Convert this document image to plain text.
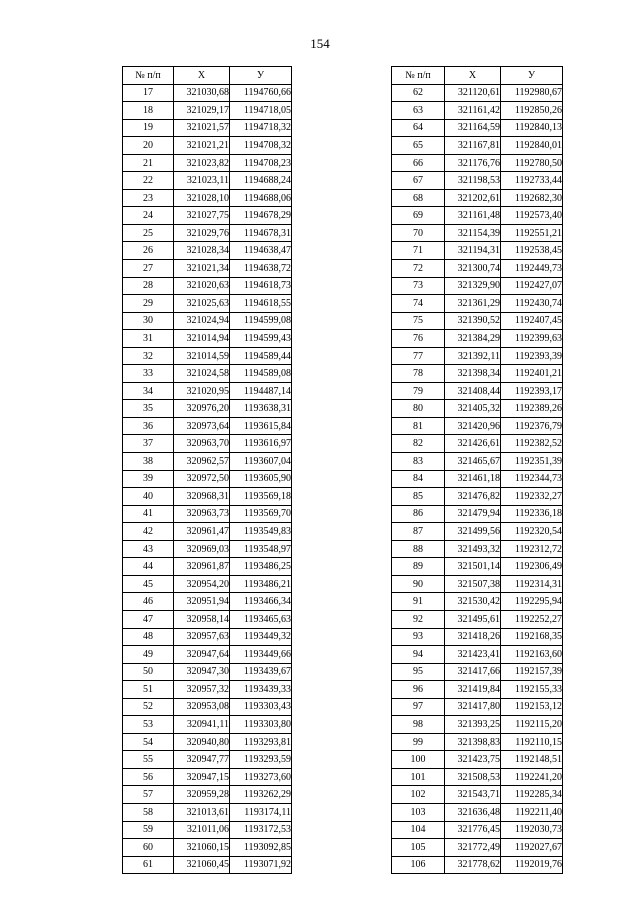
154
№ п/п	X	У
17	321030,68	1194760,66
18	321029,17	1194718,05
19	321021,57	1194718,32
20	321021,21	1194708,32
21	321023,82	1194708,23
22	321023,11	1194688,24
23	321028,10	1194688,06
24	321027,75	1194678,29
25	321029,76	1194678,31
26	321028,34	1194638,47
27	321021,34	1194638,72
28	321020,63	1194618,73
29	321025,63	1194618,55
30	321024,94	1194599,08
31	321014,94	1194599,43
32	321014,59	1194589,44
33	321024,58	1194589,08
34	321020,95	1194487,14
35	320976,20	1193638,31
36	320973,64	1193615,84
37	320963,70	1193616,97
38	320962,57	1193607,04
39	320972,50	1193605,90
40	320968,31	1193569,18
41	320963,73	1193569,70
42	320961,47	1193549,83
43	320969,03	1193548,97
44	320961,87	1193486,25
45	320954,20	1193486,21
46	320951,94	1193466,34
47	320958,14	1193465,63
48	320957,63	1193449,32
49	320947,64	1193449,66
50	320947,30	1193439,67
51	320957,32	1193439,33
52	320953,08	1193303,43
53	320941,11	1193303,80
54	320940,80	1193293,81
55	320947,77	1193293,59
56	320947,15	1193273,60
57	320959,28	1193262,29
58	321013,61	1193174,11
59	321011,06	1193172,53
60	321060,15	1193092,85
61	321060,45	1193071,92
№ п/п	X	У
62	321120,61	1192980,67
63	321161,42	1192850,26
64	321164,59	1192840,13
65	321167,81	1192840,01
66	321176,76	1192780,50
67	321198,53	1192733,44
68	321202,61	1192682,30
69	321161,48	1192573,40
70	321154,39	1192551,21
71	321194,31	1192538,45
72	321300,74	1192449,73
73	321329,90	1192427,07
74	321361,29	1192430,74
75	321390,52	1192407,45
76	321384,29	1192399,63
77	321392,11	1192393,39
78	321398,34	1192401,21
79	321408,44	1192393,17
80	321405,32	1192389,26
81	321420,96	1192376,79
82	321426,61	1192382,52
83	321465,67	1192351,39
84	321461,18	1192344,73
85	321476,82	1192332,27
86	321479,94	1192336,18
87	321499,56	1192320,54
88	321493,32	1192312,72
89	321501,14	1192306,49
90	321507,38	1192314,31
91	321530,42	1192295,94
92	321495,61	1192252,27
93	321418,26	1192168,35
94	321423,41	1192163,60
95	321417,66	1192157,39
96	321419,84	1192155,33
97	321417,80	1192153,12
98	321393,25	1192115,20
99	321398,83	1192110,15
100	321423,75	1192148,51
101	321508,53	1192241,20
102	321543,71	1192285,34
103	321636,48	1192211,40
104	321776,45	1192030,73
105	321772,49	1192027,67
106	321778,62	1192019,76
